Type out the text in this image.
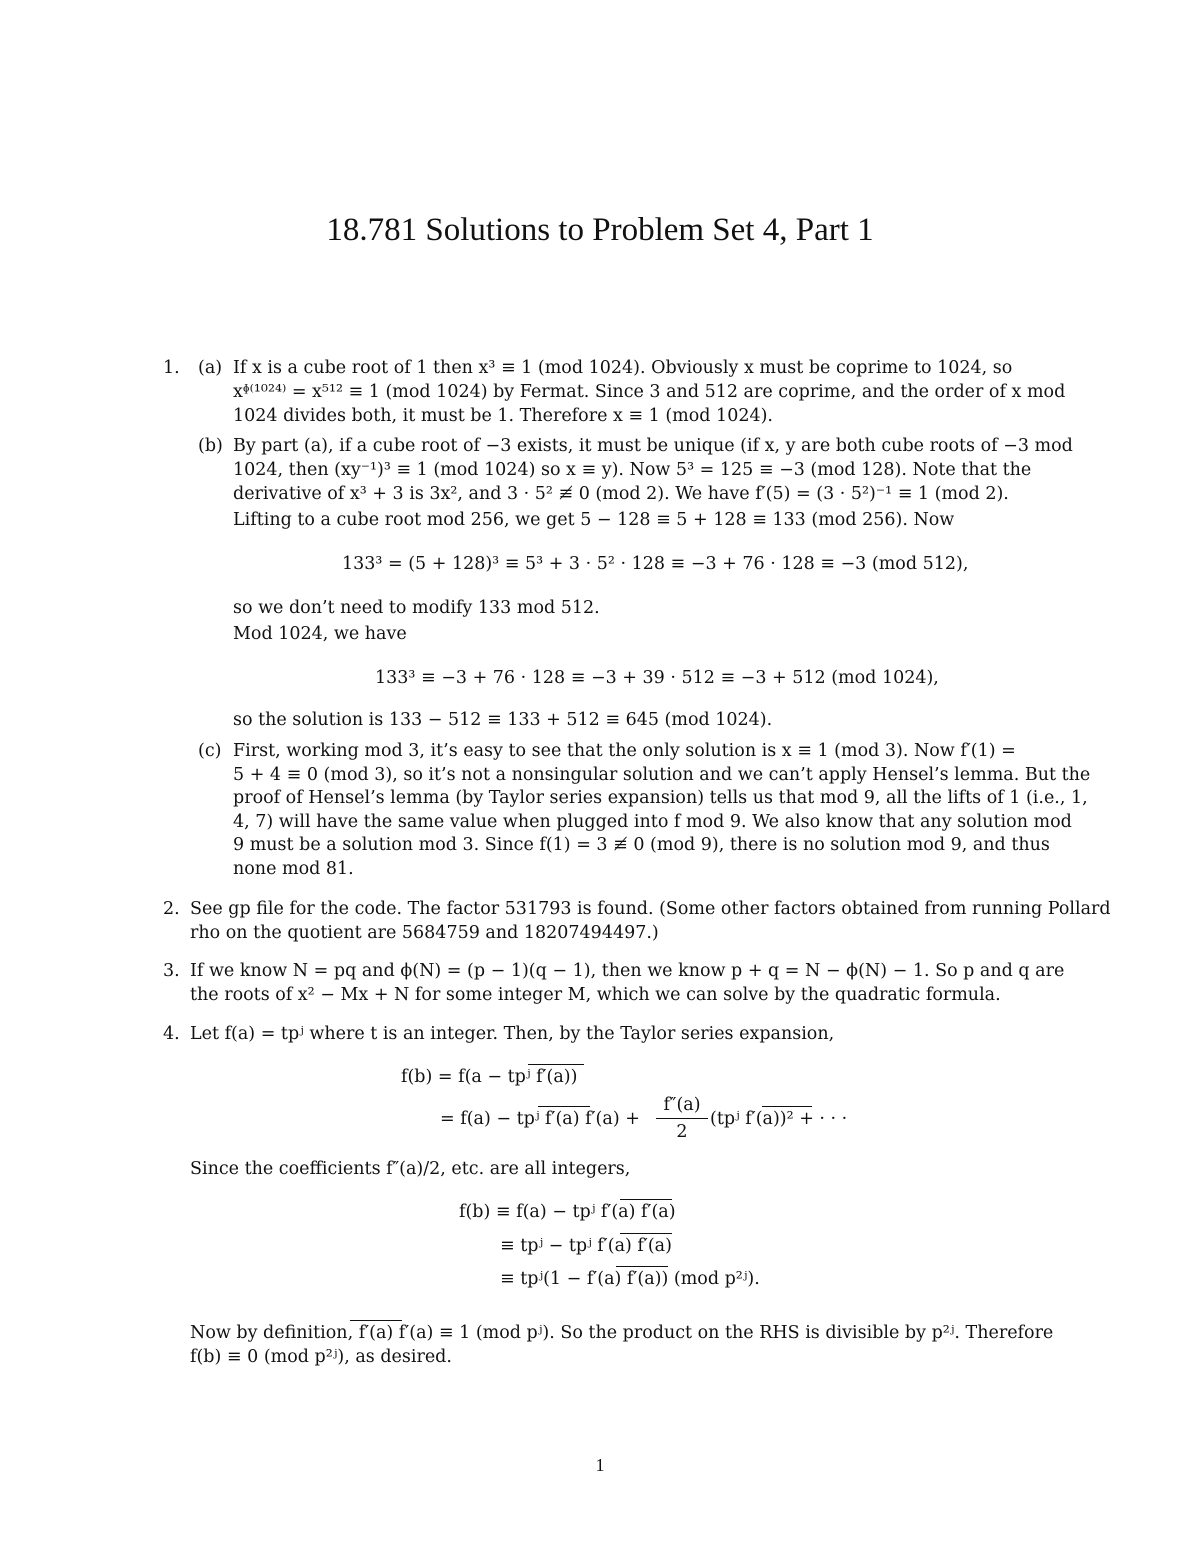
18.781 Solutions to Problem Set 4, Part 1
1. (a) If x is a cube root of 1 then x³ ≡ 1 (mod 1024). Obviously x must be coprime to 1024, so
xᶲ⁽¹⁰²⁴⁾ = x⁵¹² ≡ 1 (mod 1024) by Fermat. Since 3 and 512 are coprime, and the order of x mod
1024 divides both, it must be 1. Therefore x ≡ 1 (mod 1024).
(b) By part (a), if a cube root of −3 exists, it must be unique (if x, y are both cube roots of −3 mod
1024, then (xy⁻¹)³ ≡ 1 (mod 1024) so x ≡ y). Now 5³ = 125 ≡ −3 (mod 128). Note that the
derivative of x³ + 3 is 3x², and 3 · 5² ≢ 0 (mod 2). We have f′(5) = (3 · 5²)⁻¹ ≡ 1 (mod 2).
Lifting to a cube root mod 256, we get 5 − 128 ≡ 5 + 128 ≡ 133 (mod 256). Now
133³ = (5 + 128)³ ≡ 5³ + 3 · 5² · 128 ≡ −3 + 76 · 128 ≡ −3 (mod 512),
so we don’t need to modify 133 mod 512.
Mod 1024, we have
133³ ≡ −3 + 76 · 128 ≡ −3 + 39 · 512 ≡ −3 + 512 (mod 1024),
so the solution is 133 − 512 ≡ 133 + 512 ≡ 645 (mod 1024).
(c) First, working mod 3, it’s easy to see that the only solution is x ≡ 1 (mod 3). Now f′(1) =
5 + 4 ≡ 0 (mod 3), so it’s not a nonsingular solution and we can’t apply Hensel’s lemma. But the
proof of Hensel’s lemma (by Taylor series expansion) tells us that mod 9, all the lifts of 1 (i.e., 1,
4, 7) will have the same value when plugged into f mod 9. We also know that any solution mod
9 must be a solution mod 3. Since f(1) = 3 ≢ 0 (mod 9), there is no solution mod 9, and thus
none mod 81.
2. See gp file for the code. The factor 531793 is found. (Some other factors obtained from running Pollard
rho on the quotient are 5684759 and 18207494497.)
3. If we know N = pq and ϕ(N) = (p − 1)(q − 1), then we know p + q = N − ϕ(N) − 1. So p and q are
the roots of x² − Mx + N for some integer M, which we can solve by the quadratic formula.
4. Let f(a) = tpʲ where t is an integer. Then, by the Taylor series expansion,
f(b) = f(a − tpʲ f′(a))
= f(a) − tpʲ f′(a) f′(a) +
f″(a)
2
(tpʲ f′(a))² + · · ·
Since the coefficients f″(a)/2, etc. are all integers,
f(b) ≡ f(a) − tpʲ f′(a) f′(a)
≡ tpʲ − tpʲ f′(a) f′(a)
≡ tpʲ(1 − f′(a) f′(a)) (mod p²ʲ).
Now by definition, f′(a) f′(a) ≡ 1 (mod pʲ). So the product on the RHS is divisible by p²ʲ. Therefore
f(b) ≡ 0 (mod p²ʲ), as desired.
1
